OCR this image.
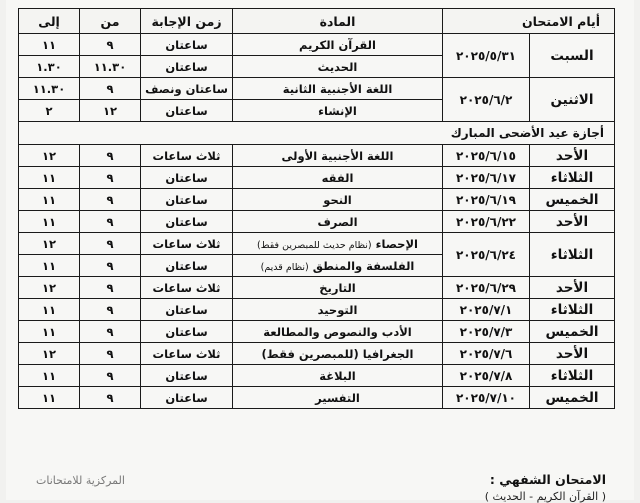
أيام الامتحان		المادة	زمن الإجابة	من	إلى
السبت	٢٠٢٥/٥/٣١	القرآن الكريم	ساعتان	٩	١١
		الحديث	ساعتان	١١.٣٠	١.٣٠
الاثنين	٢٠٢٥/٦/٢	اللغة الأجنبية الثانية	ساعتان ونصف	٩	١١.٣٠
		الإنشاء	ساعتان	١٢	٢
أجازة عيد الأضحى المبارك					
الأحد	٢٠٢٥/٦/١٥	اللغة الأجنبية الأولى	ثلاث ساعات	٩	١٢
الثلاثاء	٢٠٢٥/٦/١٧	الفقه	ساعتان	٩	١١
الخميس	٢٠٢٥/٦/١٩	النحو	ساعتان	٩	١١
الأحد	٢٠٢٥/٦/٢٢	الصرف	ساعتان	٩	١١
الثلاثاء	٢٠٢٥/٦/٢٤	الإحصاء (نظام حديث للمبصرين فقط)	ثلاث ساعات	٩	١٢
		الفلسفة والمنطق (نظام قديم)	ساعتان	٩	١١
الأحد	٢٠٢٥/٦/٢٩	التاريخ	ثلاث ساعات	٩	١٢
الثلاثاء	٢٠٢٥/٧/١	التوحيد	ساعتان	٩	١١
الخميس	٢٠٢٥/٧/٣	الأدب والنصوص والمطالعة	ساعتان	٩	١١
الأحد	٢٠٢٥/٧/٦	الجغرافيا (للمبصرين فقط)	ثلاث ساعات	٩	١٢
الثلاثاء	٢٠٢٥/٧/٨	البلاغة	ساعتان	٩	١١
الخميس	٢٠٢٥/٧/١٠	التفسير	ساعتان	٩	١١
الامتحان الشفهي :
المركزية للامتحانات
( القرآن الكريم - الحديث )
